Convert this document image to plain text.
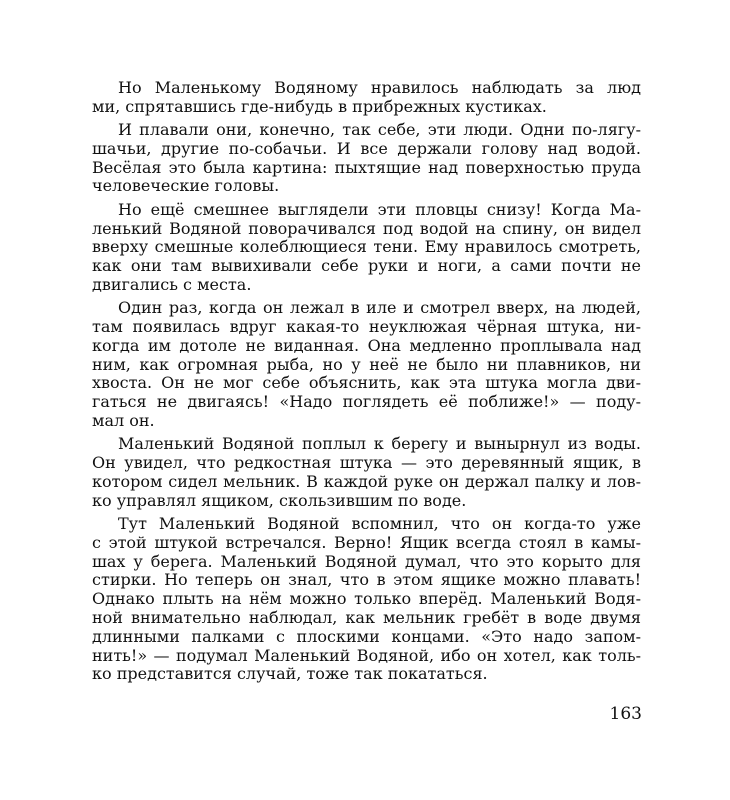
Но Маленькому Водяному нравилось наблюдать за люд
ми, спрятавшись где-нибудь в прибрежных кустиках.
И плавали они, конечно, так себе, эти люди. Одни по-лягу-
шачьи, другие по-собачьи. И все держали голову над водой.
Весёлая это была картина: пыхтящие над поверхностью пруда
человеческие головы.
Но ещё смешнее выглядели эти пловцы снизу! Когда Ма-
ленький Водяной поворачивался под водой на спину, он видел
вверху смешные колеблющиеся тени. Ему нравилось смотреть,
как они там вывихивали себе руки и ноги, а сами почти не
двигались с места.
Один раз, когда он лежал в иле и смотрел вверх, на людей,
там появилась вдруг какая-то неуклюжая чёрная штука, ни-
когда им дотоле не виданная. Она медленно проплывала над
ним, как огромная рыба, но у неё не было ни плавников, ни
хвоста. Он не мог себе объяснить, как эта штука могла дви-
гаться не двигаясь! «Надо поглядеть её поближе!» — поду-
мал он.
Маленький Водяной поплыл к берегу и вынырнул из воды.
Он увидел, что редкостная штука — это деревянный ящик, в
котором сидел мельник. В каждой руке он держал палку и лов-
ко управлял ящиком, скользившим по воде.
Тут Маленький Водяной вспомнил, что он когда-то уже
с этой штукой встречался. Верно! Ящик всегда стоял в камы-
шах у берега. Маленький Водяной думал, что это корыто для
стирки. Но теперь он знал, что в этом ящике можно плавать!
Однако плыть на нём можно только вперёд. Маленький Водя-
ной внимательно наблюдал, как мельник гребёт в воде двумя
длинными палками с плоскими концами. «Это надо запом-
нить!» — подумал Маленький Водяной, ибо он хотел, как толь-
ко представится случай, тоже так покататься.
163
